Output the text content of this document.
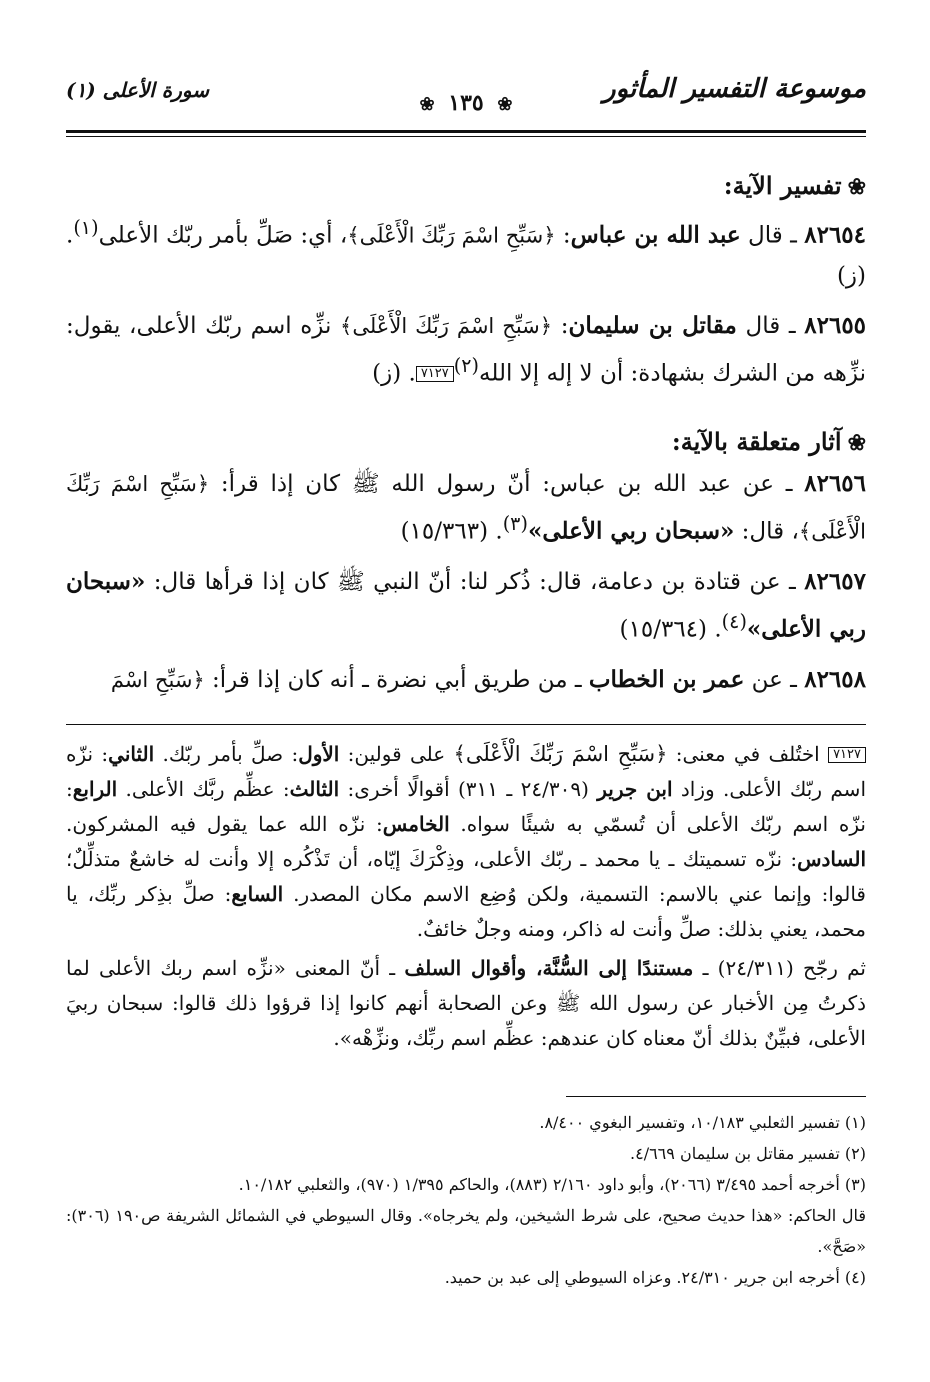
موسوعة التفسير المأثور
سورة الأعلى (١)
❀ ١٣٥ ❀
❀تفسير الآية:

٨٢٦٥٤ ـ قال عبد الله بن عباس: ﴿سَبِّحِ اسْمَ رَبِّكَ الْأَعْلَى﴾، أي: صَلِّ بأمر ربّك الأعلى$^{(١)}$. (ز)

٨٢٦٥٥ ـ قال مقاتل بن سليمان: ﴿سَبِّحِ اسْمَ رَبِّكَ الْأَعْلَى﴾ نزِّه اسم ربّك الأعلى، يقول: نزِّهه من الشرك بشهادة: أن لا إله إلا الله$^{(٢)}$٧١٢٧. (ز)

❀آثار متعلقة بالآية:

٨٢٦٥٦ ـ عن عبد الله بن عباس: أنّ رسول الله ﷺ كان إذا قرأ: ﴿سَبِّحِ اسْمَ رَبِّكَ الْأَعْلَى﴾، قال: «سبحان ربي الأعلى»$^{(٣)}$. (١٥/٣٦٣)

٨٢٦٥٧ ـ عن قتادة بن دعامة، قال: ذُكر لنا: أنّ النبي ﷺ كان إذا قرأها قال: «سبحان ربي الأعلى»$^{(٤)}$. (١٥/٣٦٤)

٨٢٦٥٨ ـ عن عمر بن الخطاب ـ من طريق أبي نضرة ـ أنه كان إذا قرأ: ﴿سَبِّحِ اسْمَ

٧١٢٧ اختُلف في معنى: ﴿سَبِّحِ اسْمَ رَبِّكَ الْأَعْلَى﴾ على قولين: الأول: صلِّ بأمر ربّك. الثاني: نزّه اسم ربّك الأعلى. وزاد ابن جرير (٢٤/٣٠٩ ـ ٣١١) أقوالًا أخرى: الثالث: عظِّم ربَّك الأعلى. الرابع: نزّه اسم ربّك الأعلى أن تُسمّي به شيئًا سواه. الخامس: نزّه الله عما يقول فيه المشركون. السادس: نزّه تسميتك ـ يا محمد ـ ربّك الأعلى، وذِكْرَكَ إيّاه، أن تَذْكُره إلا وأنت له خاشعٌ متذلِّلٌ؛ قالوا: وإنما عني بالاسم: التسمية، ولكن وُضِع الاسم مكان المصدر. السابع: صلِّ بذِكر ربِّك، يا محمد، يعني بذلك: صلِّ وأنت له ذاكر، ومنه وجلٌ خائفٌ.

ثم رجّح (٢٤/٣١١) ـ مستندًا إلى السُّنَّة، وأقوال السلف ـ أنّ المعنى «نزِّه اسم ربك الأعلى لما ذكرتُ مِن الأخبار عن رسول الله ﷺ وعن الصحابة أنهم كانوا إذا قرؤوا ذلك قالوا: سبحان ربيَ الأعلى، فبيِّنٌ بذلك أنّ معناه كان عندهم: عظِّم اسم ربِّك، ونزِّهْه».

(١) تفسير الثعلبي ١٠/١٨٣، وتفسير البغوي ٨/٤٠٠.

(٢) تفسير مقاتل بن سليمان ٤/٦٦٩.

(٣) أخرجه أحمد ٣/٤٩٥ (٢٠٦٦)، وأبو داود ٢/١٦٠ (٨٨٣)، والحاكم ١/٣٩٥ (٩٧٠)، والثعلبي ١٠/١٨٢.

قال الحاكم: «هذا حديث صحيح، على شرط الشيخين، ولم يخرجاه». وقال السيوطي في الشمائل الشريفة ص١٩٠ (٣٠٦): «صَحَّ».

(٤) أخرجه ابن جرير ٢٤/٣١٠. وعزاه السيوطي إلى عبد بن حميد.
